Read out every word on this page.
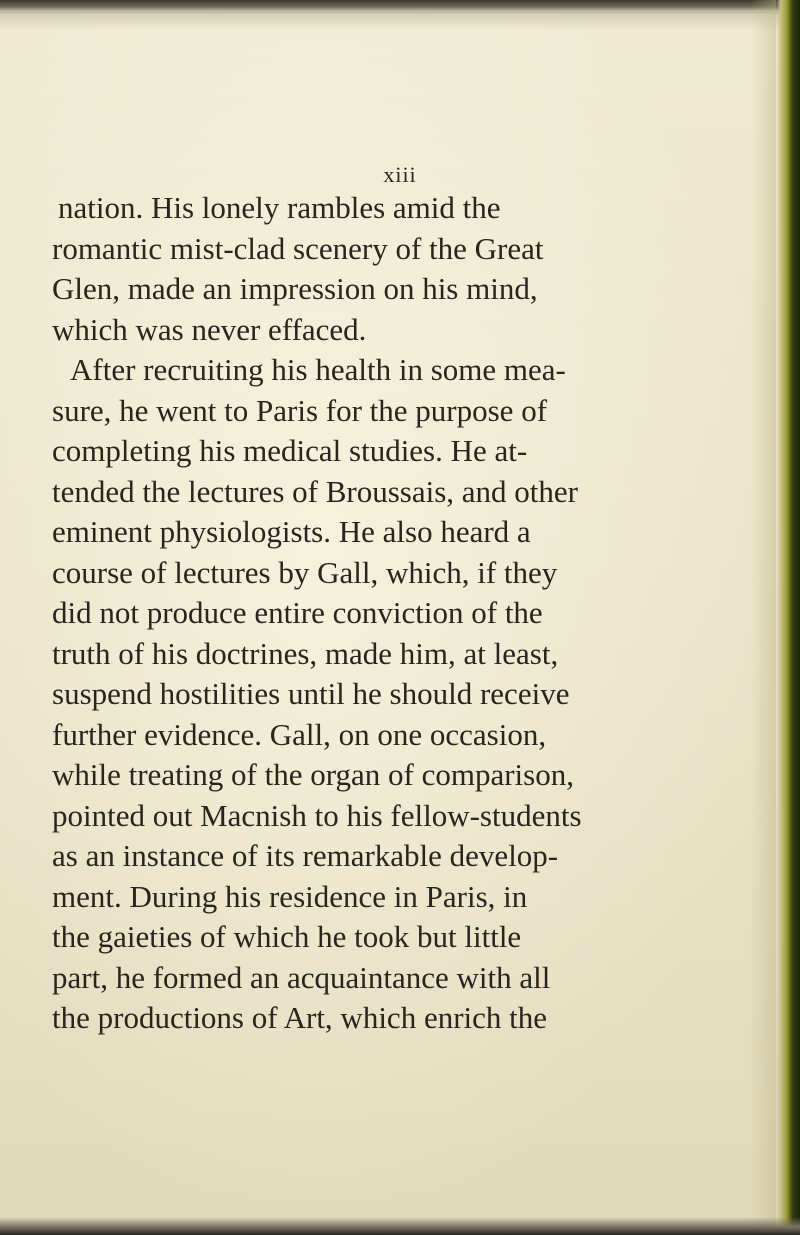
xiii
nation. His lonely rambles amid the
romantic mist-clad scenery of the Great
Glen, made an impression on his mind,
which was never effaced.
After recruiting his health in some mea-
sure, he went to Paris for the purpose of
completing his medical studies. He at-
tended the lectures of Broussais, and other
eminent physiologists. He also heard a
course of lectures by Gall, which, if they
did not produce entire conviction of the
truth of his doctrines, made him, at least,
suspend hostilities until he should receive
further evidence. Gall, on one occasion,
while treating of the organ of comparison,
pointed out Macnish to his fellow-students
as an instance of its remarkable develop-
ment. During his residence in Paris, in
the gaieties of which he took but little
part, he formed an acquaintance with all
the productions of Art, which enrich the
